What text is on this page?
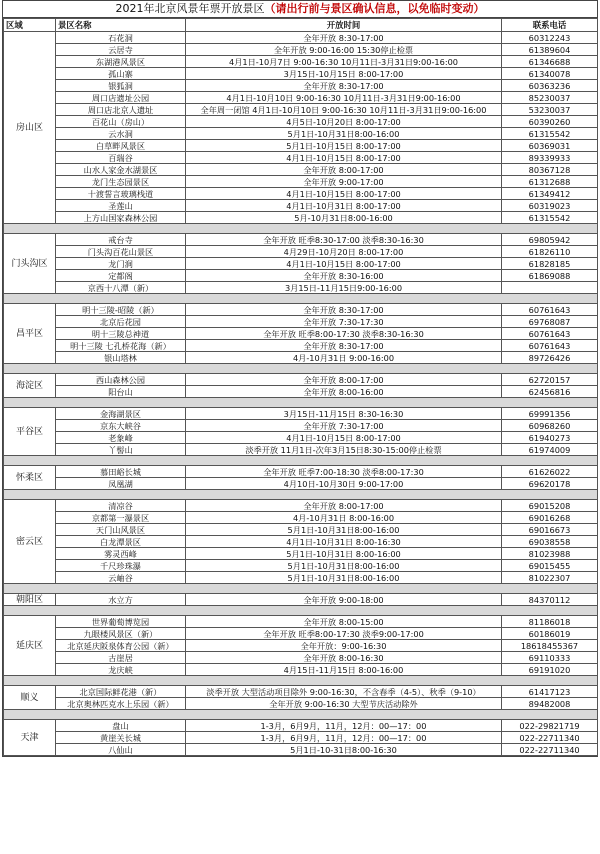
2021年北京风景年票开放景区（请出行前与景区确认信息，以免临时变动）
区域	景区名称	开放时间	联系电话
房山区	石花洞	全年开放 8:30-17:00	60312243
	云居寺	全年开放 9:00-16:00 15:30停止检票	61389604
	东湖港风景区	4月1日-10月7日 9:00-16:30 10月11日-3月31日9:00-16:00	61346688
	孤山寨	3月15日-10月15日 8:00-17:00	61340078
	银狐洞	全年开放 8:30-17:00	60363236
	周口店遗址公园	4月1日-10月10日 9:00-16:30 10月11日-3月31日9:00-16:00	85230037
	周口店北京人遗址	全年周一闭馆 4月1日-10月10日 9:00-16:30 10月11日-3月31日9:00-16:00	53230037
	百花山（房山）	4月5日-10月20日 8:00-17:00	60390260
	云水洞	5月1日-10月31日8:00-16:00	61315542
	白草畔风景区	5月1日-10月15日 8:00-17:00	60369031
	百瑞谷	4月1日-10月15日 8:00-17:00	89339933
	山水人家金水湖景区	全年开放 8:00-17:00	80367128
	龙门生态园景区	全年开放 9:00-17:00	61312688
	十渡誓言玻璃栈道	4月1日-10月15日 8:00-17:00	61349412
	圣莲山	4月1日-10月31日 8:00-17:00	60319023
	上方山国家森林公园	5月-10月31日8:00-16:00	61315542

门头沟区	戒台寺	全年开放 旺季8:30-17:00 淡季8:30-16:30	69805942
	门头沟百花山景区	4月29日-10月20日 8:00-17:00	61826110
	龙门涧	4月1日-10月15日 8:00-17:00	61828185
	定都阁	全年开放 8:30-16:00	61869088
	京西十八潭（新）	3月15日-11月15日9:00-16:00	

昌平区	明十三陵-昭陵（新）	全年开放 8:30-17:00	60761643
	北京后花园	全年开放 7:30-17:30	69768087
	明十三陵总神道	全年开放 旺季8:00-17:30 淡季8:30-16:30	60761643
	明十三陵 七孔桥花海（新）	全年开放 8:30-17:00	60761643
	银山塔林	4月-10月31日 9:00-16:00	89726426

海淀区	西山森林公园	全年开放 8:00-17:00	62720157
	阳台山	全年开放 8:00-16:00	62456816

平谷区	金海湖景区	3月15日-11月15日 8:30-16:30	69991356
	京东大峡谷	全年开放 7:30-17:00	60968260
	老象峰	4月1日-10月15日 8:00-17:00	61940273
	丫髻山	淡季开放 11月1日-次年3月15日8:30-15:00停止检票	61974009

怀柔区	慕田峪长城	全年开放 旺季7:00-18:30 淡季8:00-17:30	61626022
	凤凰湖	4月10日-10月30日 9:00-17:00	69620178

密云区	清凉谷	全年开放 8:00-17:00	69015208
	京都第一瀑景区	4月-10月31日 8:00-16:00	69016268
	天门山风景区	5月1日-10月31日8:00-16:00	69016673
	白龙潭景区	4月1日-10月31日 8:00-16:30	69038558
	雾灵西峰	5月1日-10月31日 8:00-16:00	81023988
	千尺珍珠瀑	5月1日-10月31日8:00-16:00	69015455
	云岫谷	5月1日-10月31日8:00-16:00	81022307

朝阳区	水立方	全年开放 9:00-18:00	84370112

延庆区	世界葡萄博览园	全年开放 8:00-15:00	81186018
	九眼楼风景区（新）	全年开放 旺季8:00-17:30 淡季9:00-17:00	60186019
	北京延庆阪泉体育公园（新）	全年开放：9:00-16:30	18618455367
	古崖居	全年开放 8:00-16:30	69110333
	龙庆峡	4月15日-11月15日 8:00-16:00	69191020

顺义	北京国际鲜花港（新）	淡季开放 大型活动项目除外 9:00-16:30，不含春季（4-5）、秋季（9-10）	61417123
	北京奥林匹克水上乐园（新）	全年开放 9:00-16:30 大型节庆活动除外	89482008

天津	盘山	1-3月，6月9月，11月，12月：00—17：00	022-29821719
	黄崖关长城	1-3月，6月9月，11月，12月：00—17：00	022-22711340
	八仙山	5月1日-10-31日8:00-16:30	022-22711340
